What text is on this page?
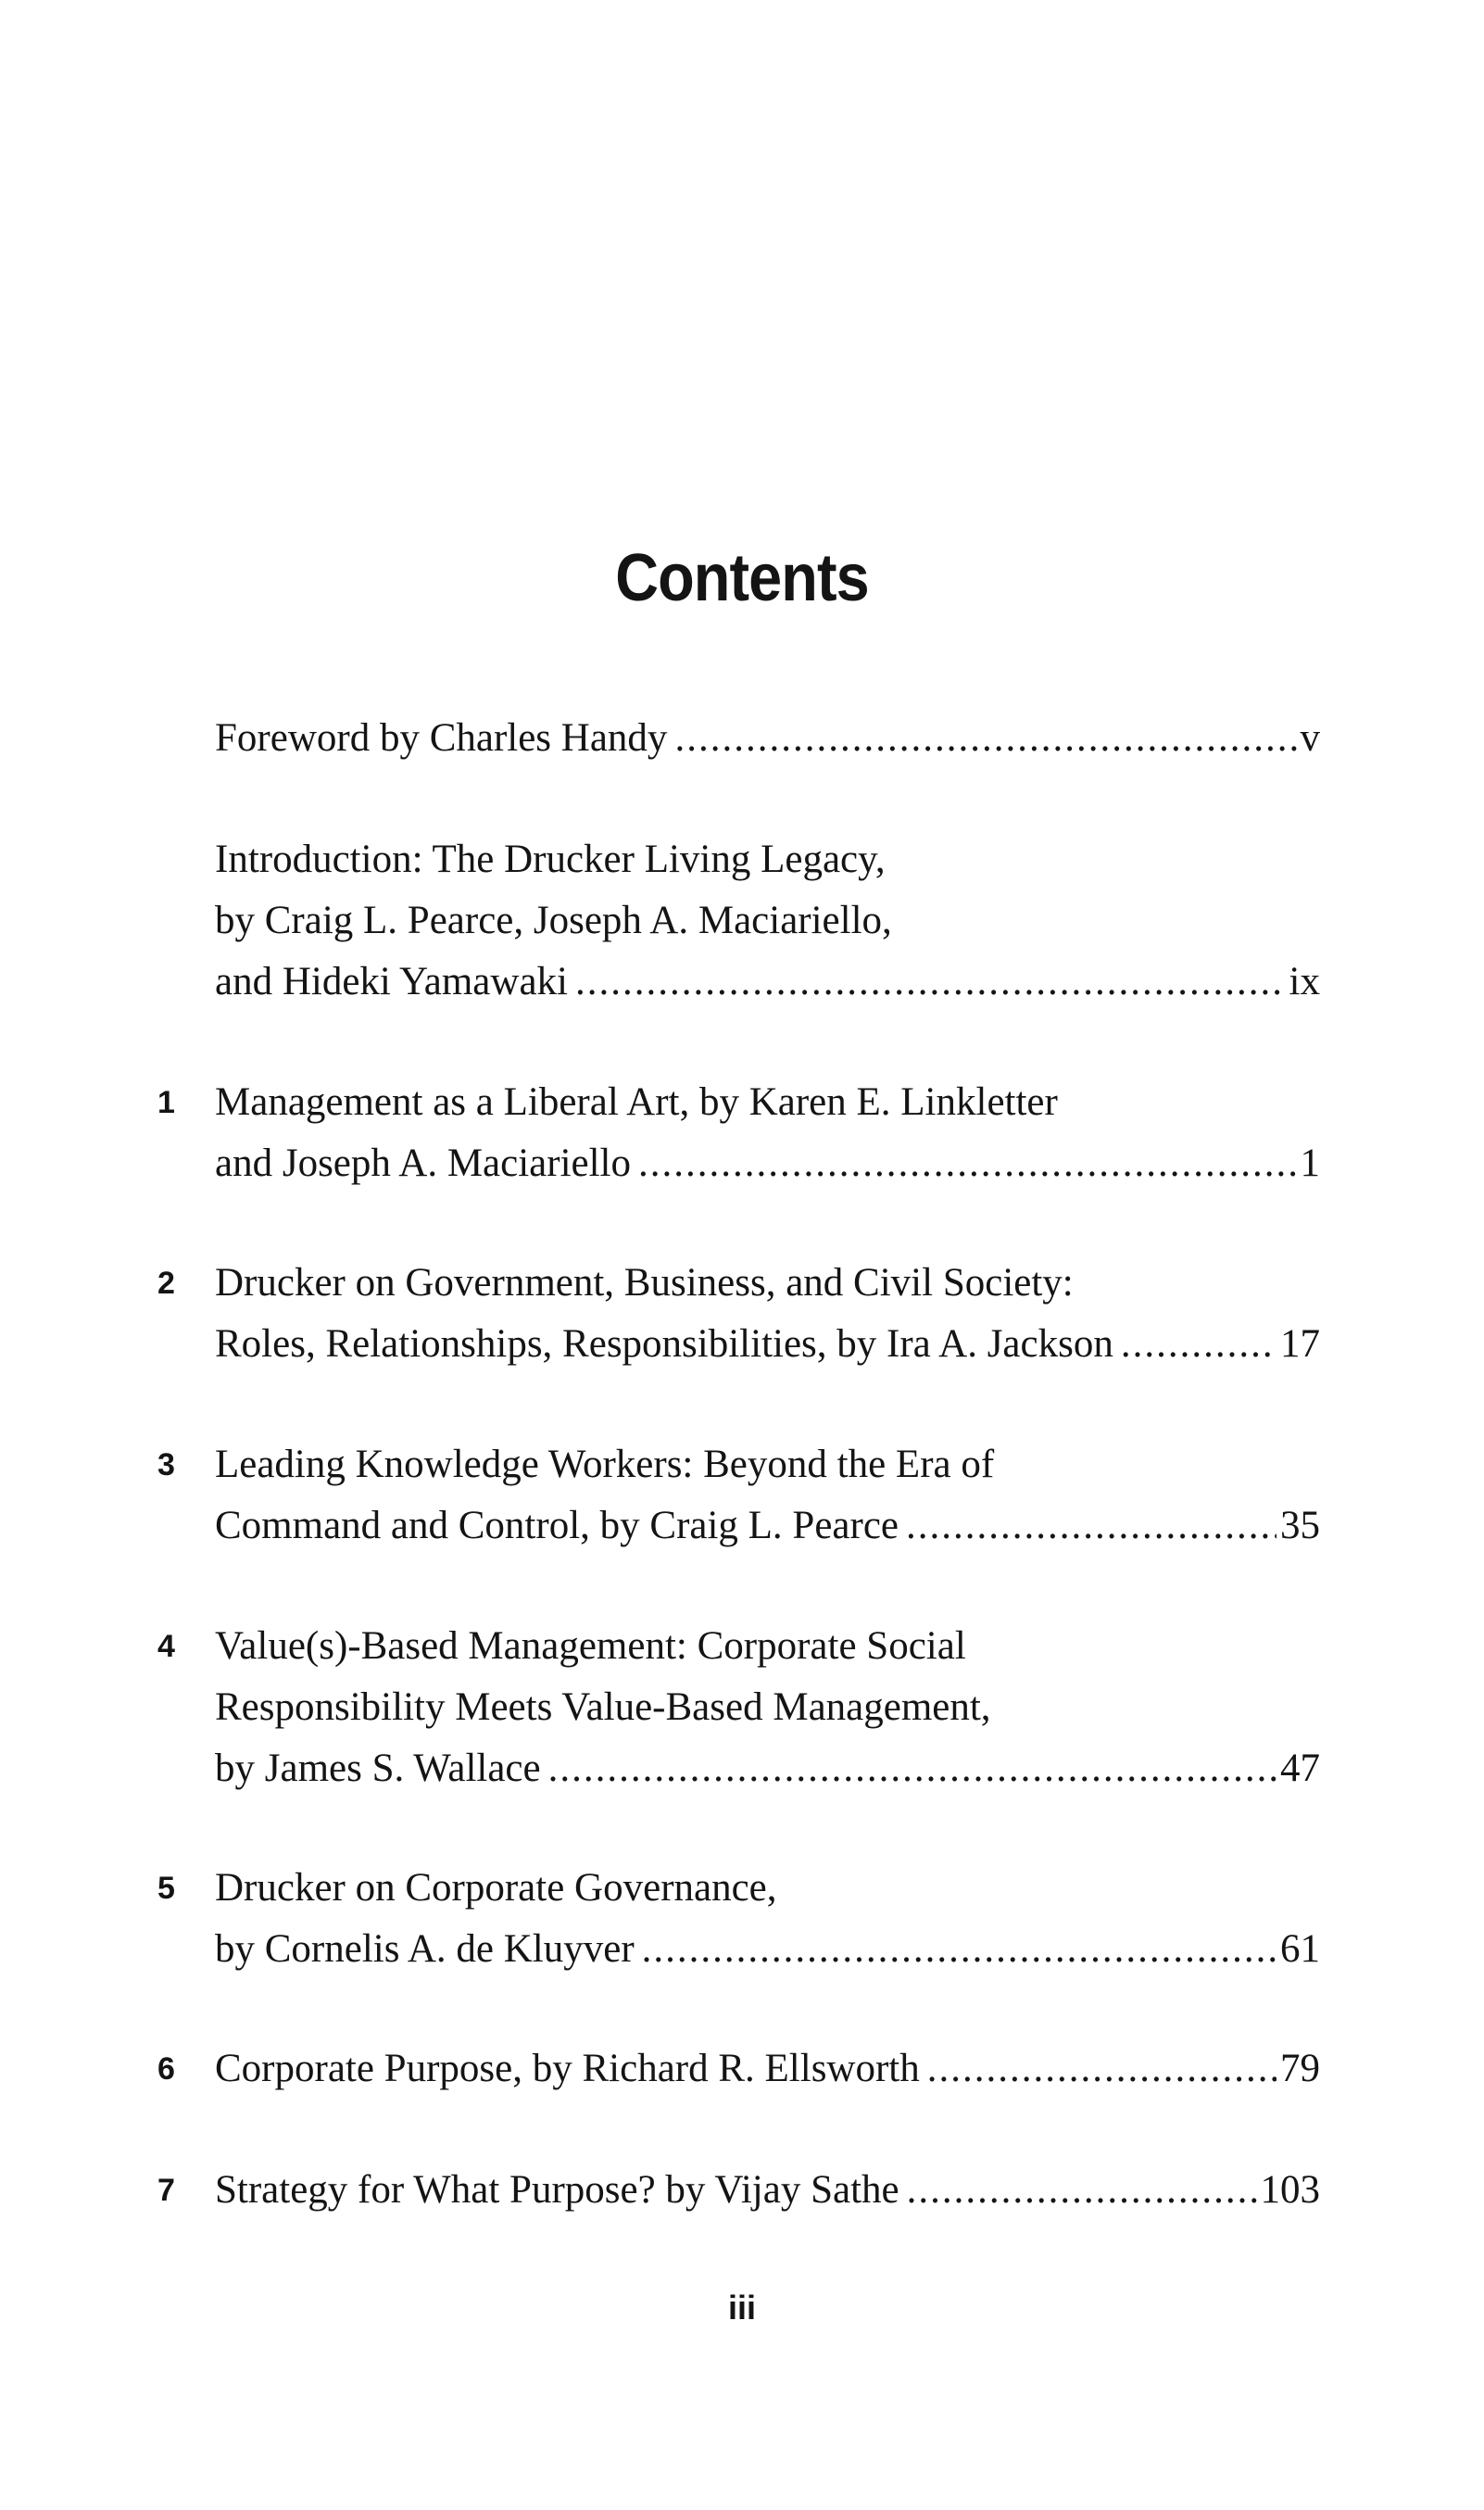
Contents
Foreword by Charles Handy .....	v
Introduction: The Drucker Living Legacy,
by Craig L. Pearce, Joseph A. Maciariello,
and Hideki Yamawaki .....	ix
1	Management as a Liberal Art, by Karen E. Linkletter
and Joseph A. Maciariello .....	1
2	Drucker on Government, Business, and Civil Society:
Roles, Relationships, Responsibilities, by Ira A. Jackson .....	17
3	Leading Knowledge Workers: Beyond the Era of
Command and Control, by Craig L. Pearce .....	35
4	Value(s)-Based Management: Corporate Social
Responsibility Meets Value-Based Management,
by James S. Wallace .....	47
5	Drucker on Corporate Governance,
by Cornelis A. de Kluyver .....	61
6	Corporate Purpose, by Richard R. Ellsworth .....	79
7	Strategy for What Purpose? by Vijay Sathe .....	103
iii
